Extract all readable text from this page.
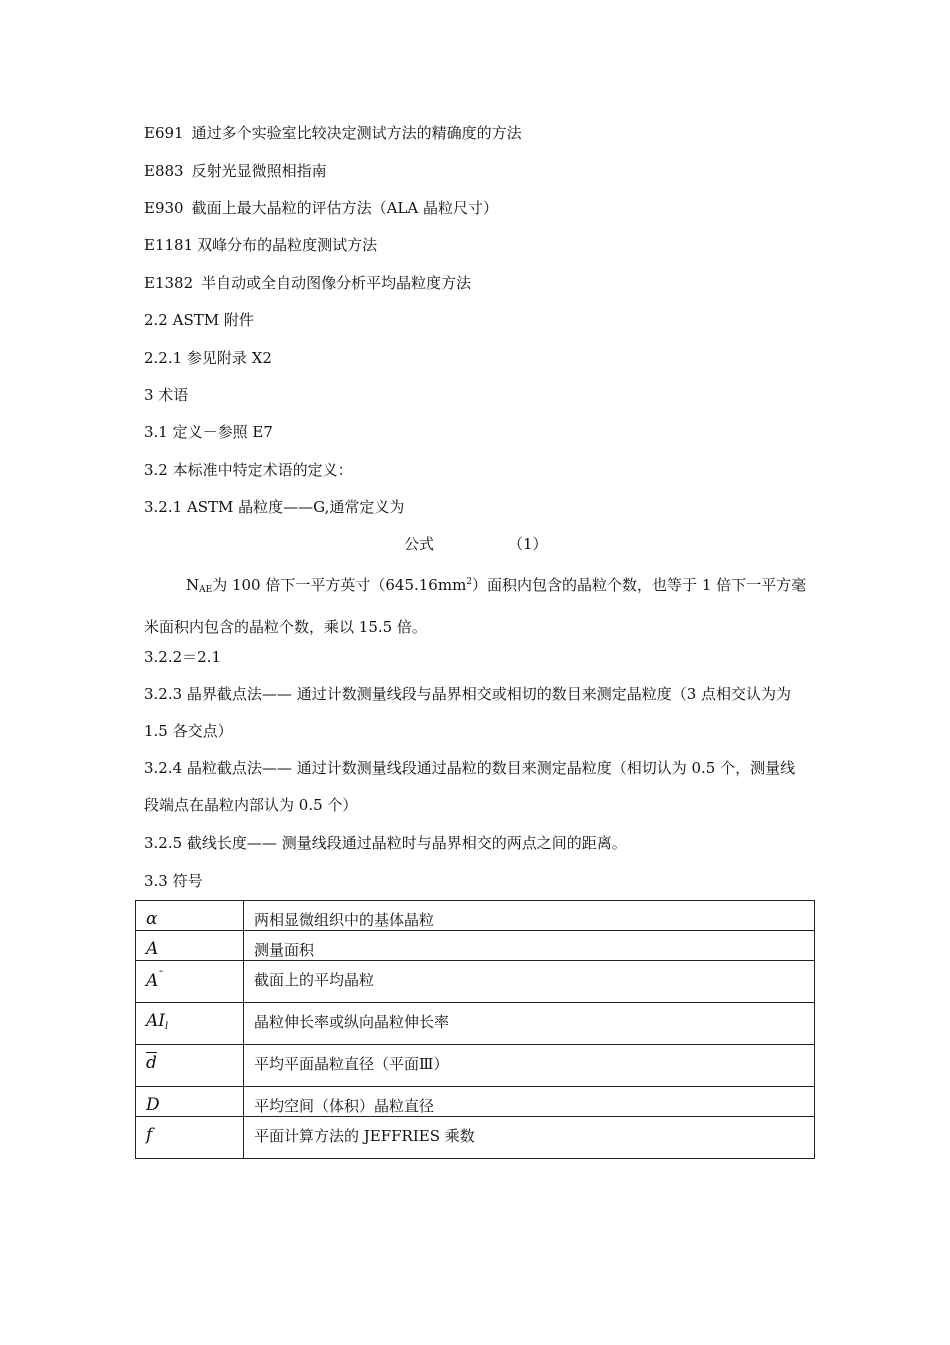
E691 通过多个实验室比较决定测试方法的精确度的方法
E883 反射光显微照相指南
E930 截面上最大晶粒的评估方法（ALA 晶粒尺寸）
E1181 双峰分布的晶粒度测试方法
E1382 半自动或全自动图像分析平均晶粒度方法
2.2 ASTM 附件
2.2.1 参见附录 X2
3 术语
3.1 定义－参照 E7
3.2 本标准中特定术语的定义：
3.2.1 ASTM 晶粒度——G,通常定义为
公式	（1）
$N_{AE}$为 100 倍下一平方英寸$(645.16mm^2)$面积内包含的晶粒个数，也等于 1 倍下一平方毫米面积内包含的晶粒个数，乘以 15.5 倍。
3.2.2＝2.1
3.2.3 晶界截点法—— 通过计数测量线段与晶界相交或相切的数目来测定晶粒度（3 点相交认为为 1.5 各交点）
3.2.4 晶粒截点法—— 通过计数测量线段通过晶粒的数目来测定晶粒度（相切认为 0.5 个，测量线段端点在晶粒内部认为 0.5 个）
3.2.5 截线长度—— 测量线段通过晶粒时与晶界相交的两点之间的距离。
3.3 符号
α	两相显微组织中的基体晶粒
A	测量面积
A¯	截面上的平均晶粒
AIl	晶粒伸长率或纵向晶粒伸长率
$\overline{d}$	平均平面晶粒直径（平面Ⅲ）
D	平均空间（体积）晶粒直径
f	平面计算方法的 JEFFRIES 乘数
